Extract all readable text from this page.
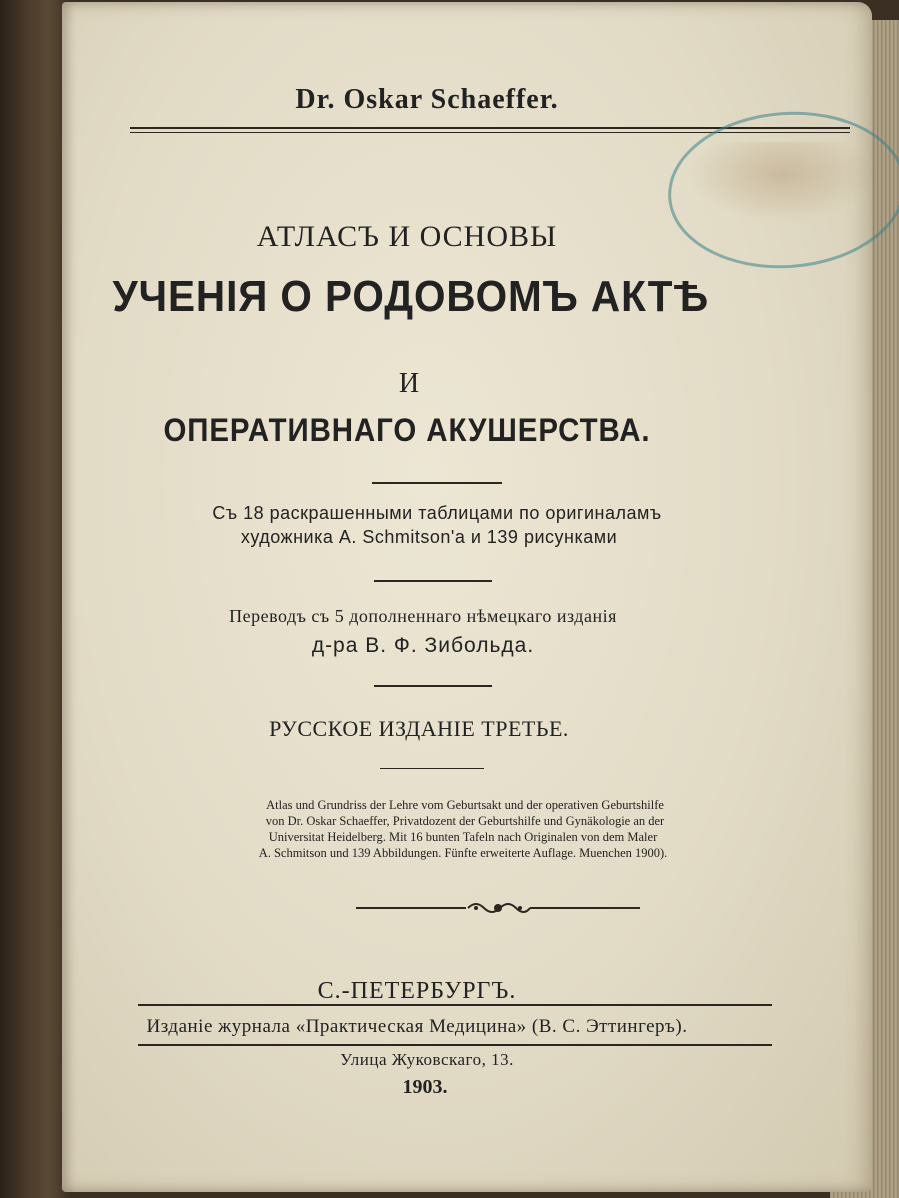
Dr. Oskar Schaeffer.
АТЛАСЪ И ОСНОВЫ
УЧЕНІЯ О РОДОВОМЪ АКТѢ
И
ОПЕРАТИВНАГО АКУШЕРСТВА.
Съ 18 раскрашенными таблицами по оригиналамъ
художника А. Schmitson'a и 139 рисунками
Переводъ съ 5 дополненнаго нѣмецкаго изданія
д-ра В. Ф. Зибольда.
РУССКОЕ ИЗДАНІЕ ТРЕТЬЕ.
Atlas und Grundriss der Lehre vom Geburtsakt und der operativen Geburtshilfe
von Dr. Oskar Schaeffer, Privatdozent der Geburtshilfe und Gynäkologie an der
Universitat Heidelberg. Mit 16 bunten Tafeln nach Originalen von dem Maler
A. Schmitson und 139 Abbildungen. Fünfte erweiterte Auflage. Muenchen 1900).
С.-ПЕТЕРБУРГЪ.
Изданіе журнала «Практическая Медицина» (В. С. Эттингеръ).
Улица Жуковскаго, 13.
1903.
